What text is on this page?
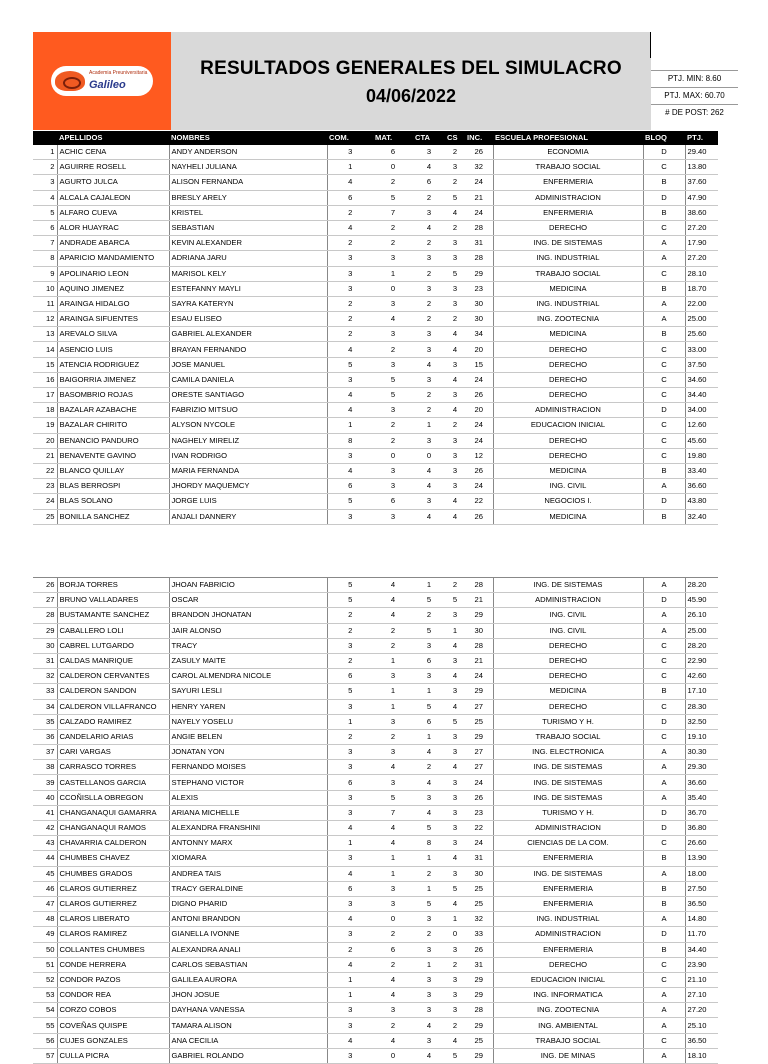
Academia Preuniversitaria
Galileo
RESULTADOS GENERALES DEL SIMULACRO
04/06/2022
PTJ. MIN: 8.60
PTJ. MAX: 60.70
# DE POST: 262
	APELLIDOS	NOMBRES	COM.	MAT.	CTA	CS	INC.	ESCUELA PROFESIONAL	BLOQ	PTJ.
1	ACHIC CENA	ANDY ANDERSON	3	6	3	2	26	ECONOMIA	D	29.40
2	AGUIRRE ROSELL	NAYHELI JULIANA	1	0	4	3	32	TRABAJO SOCIAL	C	13.80
3	AGURTO JULCA	ALISON FERNANDA	4	2	6	2	24	ENFERMERIA	B	37.60
4	ALCALA CAJALEON	BRESLY ARELY	6	5	2	5	21	ADMINISTRACION	D	47.90
5	ALFARO CUEVA	KRISTEL	2	7	3	4	24	ENFERMERIA	B	38.60
6	ALOR HUAYRAC	SEBASTIAN	4	2	4	2	28	DERECHO	C	27.20
7	ANDRADE ABARCA	KEVIN ALEXANDER	2	2	2	3	31	ING. DE SISTEMAS	A	17.90
8	APARICIO MANDAMIENTO	ADRIANA JARU	3	3	3	3	28	ING. INDUSTRIAL	A	27.20
9	APOLINARIO LEON	MARISOL KELY	3	1	2	5	29	TRABAJO SOCIAL	C	28.10
10	AQUINO JIMENEZ	ESTEFANNY MAYLI	3	0	3	3	23	MEDICINA	B	18.70
11	ARAINGA HIDALGO	SAYRA KATERYN	2	3	2	3	30	ING. INDUSTRIAL	A	22.00
12	ARAINGA SIFUENTES	ESAU ELISEO	2	4	2	2	30	ING. ZOOTECNIA	A	25.00
13	AREVALO SILVA	GABRIEL ALEXANDER	2	3	3	4	34	MEDICINA	B	25.60
14	ASENCIO LUIS	BRAYAN FERNANDO	4	2	3	4	20	DERECHO	C	33.00
15	ATENCIA RODRIGUEZ	JOSE MANUEL	5	3	4	3	15	DERECHO	C	37.50
16	BAIGORRIA JIMENEZ	CAMILA DANIELA	3	5	3	4	24	DERECHO	C	34.60
17	BASOMBRIO ROJAS	ORESTE SANTIAGO	4	5	2	3	26	DERECHO	C	34.40
18	BAZALAR AZABACHE	FABRIZIO MITSUO	4	3	2	4	20	ADMINISTRACION	D	34.00
19	BAZALAR CHIRITO	ALYSON NYCOLE	1	2	1	2	24	EDUCACION INICIAL	C	12.60
20	BENANCIO PANDURO	NAGHELY MIRELIZ	8	2	3	3	24	DERECHO	C	45.60
21	BENAVENTE GAVINO	IVAN RODRIGO	3	0	0	3	12	DERECHO	C	19.80
22	BLANCO QUILLAY	MARIA FERNANDA	4	3	4	3	26	MEDICINA	B	33.40
23	BLAS BERROSPI	JHORDY MAQUEMCY	6	3	4	3	24	ING. CIVIL	A	36.60
24	BLAS SOLANO	JORGE LUIS	5	6	3	4	22	NEGOCIOS I.	D	43.80
25	BONILLA SANCHEZ	ANJALI DANNERY	3	3	4	4	26	MEDICINA	B	32.40
26	BORJA TORRES	JHOAN FABRICIO	5	4	1	2	28	ING. DE SISTEMAS	A	28.20
27	BRUNO VALLADARES	OSCAR	5	4	5	5	21	ADMINISTRACION	D	45.90
28	BUSTAMANTE SANCHEZ	BRANDON JHONATAN	2	4	2	3	29	ING. CIVIL	A	26.10
29	CABALLERO LOLI	JAIR ALONSO	2	2	5	1	30	ING. CIVIL	A	25.00
30	CABREL LUTGARDO	TRACY	3	2	3	4	28	DERECHO	C	28.20
31	CALDAS MANRIQUE	ZASULY MAITE	2	1	6	3	21	DERECHO	C	22.90
32	CALDERON CERVANTES	CAROL ALMENDRA NICOLE	6	3	3	4	24	DERECHO	C	42.60
33	CALDERON SANDON	SAYURI LESLI	5	1	1	3	29	MEDICINA	B	17.10
34	CALDERON VILLAFRANCO	HENRY YAREN	3	1	5	4	27	DERECHO	C	28.30
35	CALZADO RAMIREZ	NAYELY YOSELU	1	3	6	5	25	TURISMO Y H.	D	32.50
36	CANDELARIO ARIAS	ANGIE BELEN	2	2	1	3	29	TRABAJO SOCIAL	C	19.10
37	CARI VARGAS	JONATAN YON	3	3	4	3	27	ING. ELECTRONICA	A	30.30
38	CARRASCO TORRES	FERNANDO MOISES	3	4	2	4	27	ING. DE SISTEMAS	A	29.30
39	CASTELLANOS GARCIA	STEPHANO VICTOR	6	3	4	3	24	ING. DE SISTEMAS	A	36.60
40	CCOÑISLLA OBREGON	ALEXIS	3	5	3	3	26	ING. DE SISTEMAS	A	35.40
41	CHANGANAQUI GAMARRA	ARIANA MICHELLE	3	7	4	3	23	TURISMO Y H.	D	36.70
42	CHANGANAQUI RAMOS	ALEXANDRA FRANSHINI	4	4	5	3	22	ADMINISTRACION	D	36.80
43	CHAVARRIA CALDERON	ANTONNY MARX	1	4	8	3	24	CIENCIAS DE LA COM.	C	26.60
44	CHUMBES CHAVEZ	XIOMARA	3	1	1	4	31	ENFERMERIA	B	13.90
45	CHUMBES GRADOS	ANDREA TAIS	4	1	2	3	30	ING. DE SISTEMAS	A	18.00
46	CLAROS GUTIERREZ	TRACY GERALDINE	6	3	1	5	25	ENFERMERIA	B	27.50
47	CLAROS GUTIERREZ	DIGNO PHARID	3	3	5	4	25	ENFERMERIA	B	36.50
48	CLAROS LIBERATO	ANTONI BRANDON	4	0	3	1	32	ING. INDUSTRIAL	A	14.80
49	CLAROS RAMIREZ	GIANELLA IVONNE	3	2	2	0	33	ADMINISTRACION	D	11.70
50	COLLANTES CHUMBES	ALEXANDRA ANALI	2	6	3	3	26	ENFERMERIA	B	34.40
51	CONDE HERRERA	CARLOS SEBASTIAN	4	2	1	2	31	DERECHO	C	23.90
52	CONDOR PAZOS	GALILEA AURORA	1	4	3	3	29	EDUCACION INICIAL	C	21.10
53	CONDOR REA	JHON JOSUE	1	4	3	3	29	ING. INFORMATICA	A	27.10
54	CORZO COBOS	DAYHANA VANESSA	3	3	3	3	28	ING. ZOOTECNIA	A	27.20
55	COVEÑAS QUISPE	TAMARA ALISON	3	2	4	2	29	ING. AMBIENTAL	A	25.10
56	CUJES GONZALES	ANA CECILIA	4	4	3	4	25	TRABAJO SOCIAL	C	36.50
57	CULLA PICRA	GABRIEL ROLANDO	3	0	4	5	29	ING. DE MINAS	A	18.10
